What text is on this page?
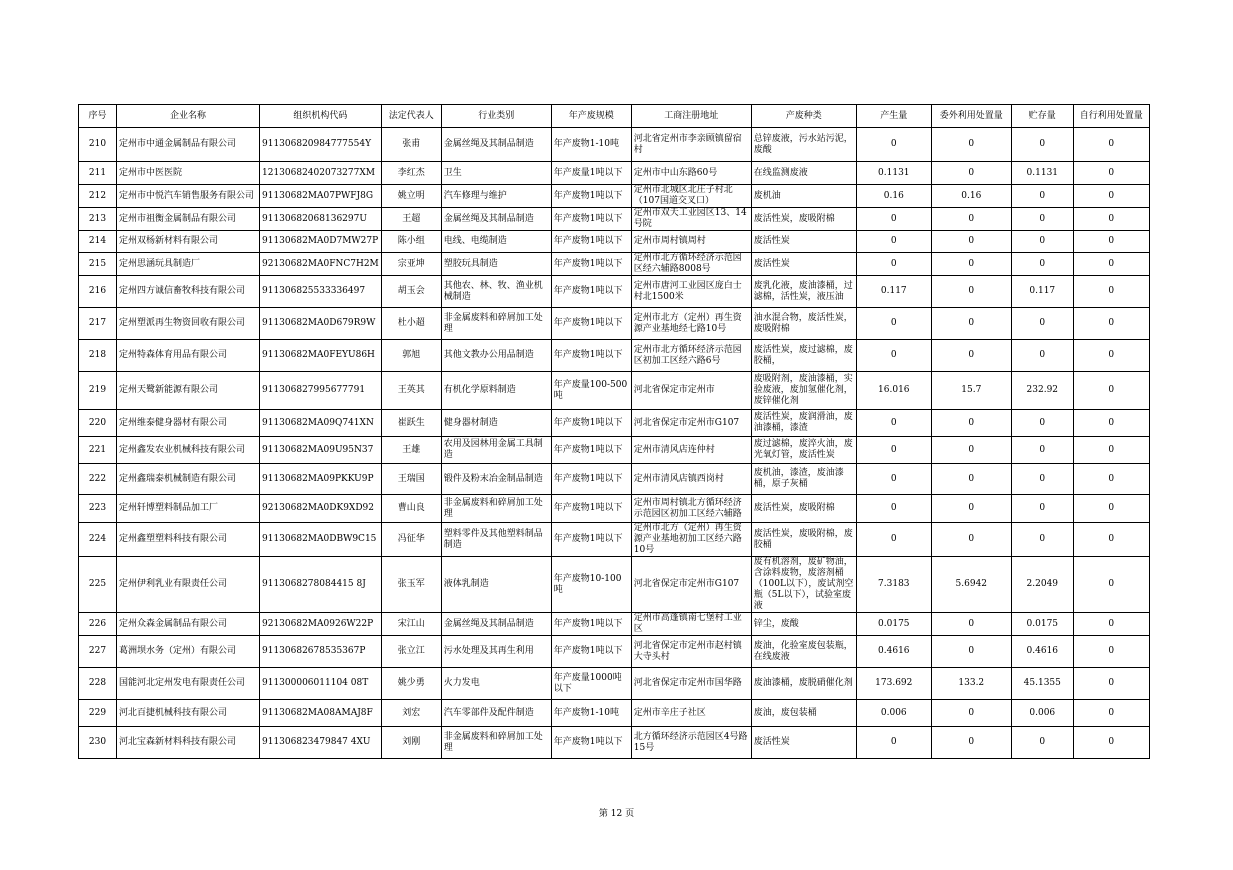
序号	企业名称	组织机构代码	法定代表人	行业类别	年产废规模	工商注册地址	产废种类	产生量	委外利用处置量	贮存量	自行利用处置量
210	定州市中通金属制品有限公司	911306820984777554Y	张甫	金属丝绳及其制品制造	年产废物1-10吨	河北省定州市李亲顾镇留宿村	总锌废液，污水站污泥，废酸	0	0	0	0
211	定州市中医医院	12130682402073277XM	李红杰	卫生	年产废量1吨以下	定州市中山东路60号	在线监测废液	0.1131	0	0.1131	0
212	定州市中悦汽车销售服务有限公司	91130682MA07PWFJ8G	姚立明	汽车修理与维护	年产废物1吨以下	定州市北城区北庄子村北（107国道交叉口）	废机油	0.16	0.16	0	0
213	定州市祖衡金属制品有限公司	91130682068136297U	王超	金属丝绳及其制品制造	年产废物1吨以下	定州市双天工业园区13、14号院	废活性炭，废吸附棉	0	0	0	0
214	定州双杨新材料有限公司	91130682MA0D7MW27P	陈小组	电线、电缆制造	年产废物1吨以下	定州市周村镇周村	废活性炭	0	0	0	0
215	定州思涵玩具制造厂	92130682MA0FNC7H2M	宗亚坤	塑胶玩具制造	年产废物1吨以下	定州市北方循环经济示范园区经六辅路8008号	废活性炭	0	0	0	0
216	定州四方诚信畜牧科技有限公司	911306825533336497	胡玉会	其他农、林、牧、渔业机械制造	年产废物1吨以下	定州市唐河工业园区庞白士村北1500米	废乳化液，废油漆桶，过滤棉，活性炭，液压油	0.117	0	0.117	0
217	定州塑派再生物资回收有限公司	91130682MA0D679R9W	杜小超	非金属废料和碎屑加工处理	年产废物1吨以下	定州市北方（定州）再生资源产业基地经七路10号	油水混合物，废活性炭，废吸附棉	0	0	0	0
218	定州特森体育用品有限公司	91130682MA0FEYU86H	郭旭	其他文教办公用品制造	年产废物1吨以下	定州市北方循环经济示范园区初加工区经六路6号	废活性炭，废过滤棉，废胶桶，	0	0	0	0
219	定州天鹭新能源有限公司	911306827995677791	王英其	有机化学原料制造	年产废量100-500吨	河北省保定市定州市	废吸附剂，废油漆桶，实验废液，废加氢催化剂，废锌催化剂	16.016	15.7	232.92	0
220	定州维泰健身器材有限公司	91130682MA09Q741XN	崔跃生	健身器材制造	年产废物1吨以下	河北省保定市定州市G107	废活性炭，废润滑油，废油漆桶，漆渣	0	0	0	0
221	定州鑫发农业机械科技有限公司	91130682MA09U95N37	王雄	农用及园林用金属工具制造	年产废物1吨以下	定州市清风店连仲村	废过滤棉，废淬火油，废光氧灯管，废活性炭	0	0	0	0
222	定州鑫瑞泰机械制造有限公司	91130682MA09PKKU9P	王瑞国	锻件及粉末冶金制品制造	年产废物1吨以下	定州市清风店镇西岗村	废机油，漆渣，废油漆桶，原子灰桶	0	0	0	0
223	定州轩博塑料制品加工厂	92130682MA0DK9XD92	曹山良	非金属废料和碎屑加工处理	年产废物1吨以下	定州市周村镇北方循环经济示范园区初加工区经六辅路	废活性炭，废吸附棉	0	0	0	0
224	定州鑫塑塑料科技有限公司	91130682MA0DBW9C15	冯征华	塑料零件及其他塑料制品制造	年产废物1吨以下	定州市北方（定州）再生资源产业基地初加工区经六路10号	废活性炭，废吸附棉，废胶桶	0	0	0	0
225	定州伊利乳业有限责任公司	9113068278084415 8J	张玉军	液体乳制造	年产废物10-100吨	河北省保定市定州市G107	废有机溶剂，废矿物油，含涂料废物，废溶剂桶（100L以下），废试剂空瓶（5L以下），试验室废液	7.3183	5.6942	2.2049	0
226	定州众森金属制品有限公司	92130682MA0926W22P	宋江山	金属丝绳及其制品制造	年产废物1吨以下	定州市高蓬镇南七堡村工业区	锌尘，废酸	0.0175	0	0.0175	0
227	葛洲坝水务（定州）有限公司	91130682678535367P	张立江	污水处理及其再生利用	年产废物1吨以下	河北省保定市定州市赵村镇大寺头村	废油，化验室废包装瓶，在线废液	0.4616	0	0.4616	0
228	国能河北定州发电有限责任公司	911300006011104 08T	姚少勇	火力发电	年产废量1000吨以下	河北省保定市定州市国华路	废油漆桶，废脱硝催化剂	173.692	133.2	45.1355	0
229	河北百捷机械科技有限公司	91130682MA08AMAJ8F	刘宏	汽车零部件及配件制造	年产废物1-10吨	定州市辛庄子社区	废油，废包装桶	0.006	0	0.006	0
230	河北宝森新材料科技有限公司	911306823479847 4XU	刘刚	非金属废料和碎屑加工处理	年产废物1吨以下	北方循环经济示范园区4号路15号	废活性炭	0	0	0	0
第 12 页
